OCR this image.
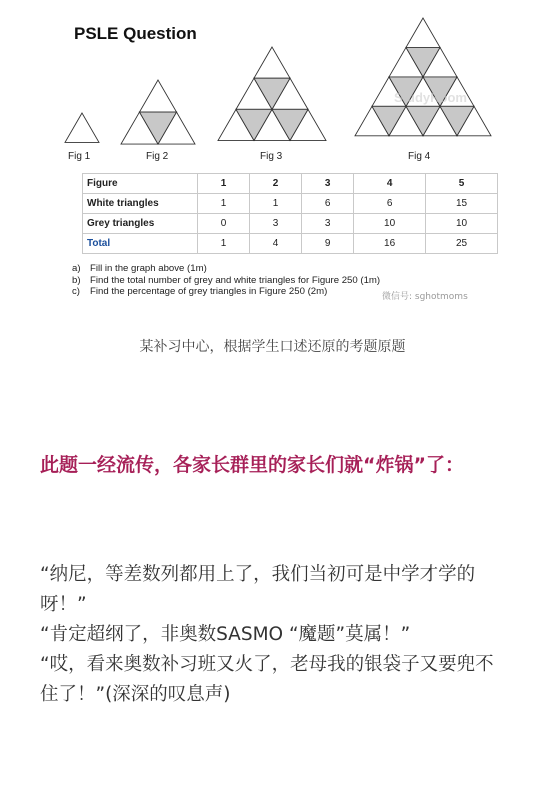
PSLE Question
Fig 1	Fig 2	Fig 3	Fig 4
StudyRoom
Figure	1	2	3	4	5
White triangles	1	1	6	6	15
Grey triangles	0	3	3	10	10
Total	1	4	9	16	25
a) Fill in the graph above (1m)
b) Find the total number of grey and white triangles for Figure 250 (1m)
c) Find the percentage of grey triangles in Figure 250 (2m)	微信号: sghotmoms
某补习中心，根据学生口述还原的考题原题
此题一经流传，各家长群里的家长们就“炸锅”了：

“纳尼，等差数列都用上了，我们当初可是中学才学的呀！”

“肯定超纲了，非奥数SASMO “魔题”莫属！”

“哎，看来奥数补习班又火了，老母我的银袋子又要兜不住了！”(深深的叹息声)
